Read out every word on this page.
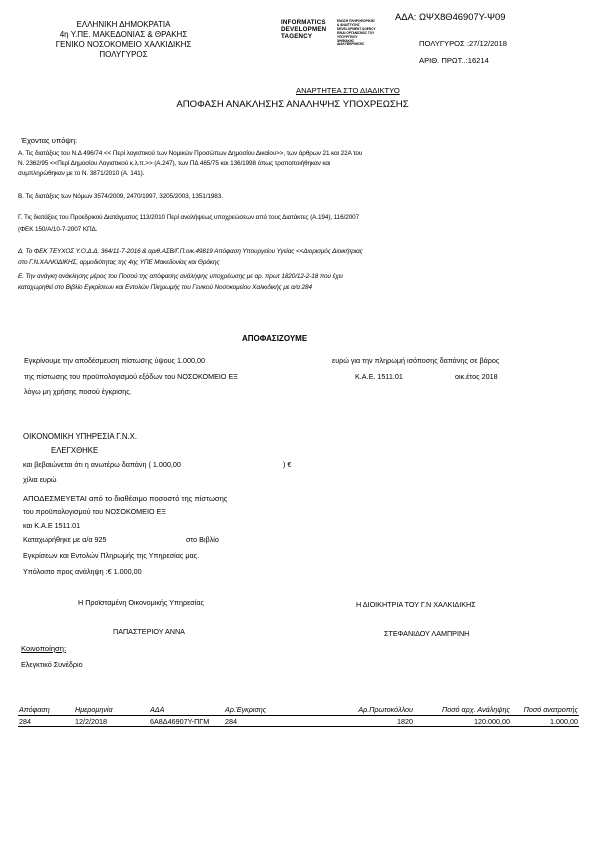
ΑΔΑ: ΩΨΧ8Θ46907Υ-Ψ09
ΕΛΛΗΝΙΚΗ ΔΗΜΟΚΡΑΤΙΑ
4η Υ.ΠΕ. ΜΑΚΕΔΟΝΙΑΣ & ΘΡΑΚΗΣ
ΓΕΝΙΚΟ ΝΟΣΟΚΟΜΕΙΟ ΧΑΛΚΙΔΙΚΗΣ
ΠΟΛΥΓΥΡΟΣ
INFORMATICS
DEVELOPMEN
TAGENCY
ΕΝΩΣΗ ΠΛΗΡΟΦΟΡΙΚΗΣ
& ΑΝΑΠΤΥΞΗΣ
DEVELOPMENT AGENCY
ΕΙΝΑΙ ΟΡΓΑΝΙΣΜΟΣ ΤΟΥ
ΥΠΟΥΡΓΕΙΟΥ
ΨΗΦΙΑΚΗΣ
ΔΙΑΚΥΒΕΡΝΗΣΗΣ	ΠΟΛΥΓΥΡΟΣ :27/12/2018
ΑΡΙΘ. ΠΡΩΤ..:16214
ΑΝΑΡΤΗΤΕΑ ΣΤΟ ΔΙΑΔΙΚΤΥΟ
ΑΠΟΦΑΣΗ ΑΝΑΚΛΗΣΗΣ ΑΝΑΛΗΨΗΣ ΥΠΟΧΡΕΩΣΗΣ
Έχοντας υπόψη:
Α. Τις διατάξεις του Ν.Δ 496/74 << Περί λογιστικού των Νομικών Προσώπων Δημοσίου Δικαίου>>, των άρθρων 21 και 22Α του
Ν. 2362/95 <<Περί Δημοσίου Λογιστικού κ.λ.π.>> (Α.247), των ΠΔ 465/75 και 136/1998 όπως τροποποιήθηκαν και
συμπληρώθηκαν με το Ν. 3871/2010 (Α. 141).
Β. Τις διατάξεις των Νόμων 3574/2009, 2470/1997, 3205/2003, 1351/1983.
Γ. Τις διατάξεις του Προεδρικού Διατάγματος 113/2010 Περί αναλήψεως υποχρεώσεων από τους Διατάκτες (Α.194), 116/2007
(ΦΕΚ 150/Α/10-7-2007 ΚΠΔ.
Δ. Το ΦΕΚ ΤΕΥΧΟΣ Υ.Ο.Δ.Δ. 364/11-7-2016 & αριθ.ΑΣΒ/Γ.Π.οικ.49819 Απόφαση Υπουργείου Υγείας <<Διορισμός Διοικήτριας
στο Γ.Ν.ΧΑΛΚΙΔΙΚΗΣ, αρμοδιότητας της 4ης ΥΠΕ Μακεδονίας και Θράκης
Ε. Την ανάγκη ανάκλησης μέρος του Ποσού της απόφασης ανάληψης υποχρέωσης με αρ. πρωτ 1820/12-2-18 που έχει
καταχωρηθεί στο Βιβλίο Εγκρίσεων και Εντολών Πληρωμής του Γενικού Νοσοκομείου Χαλκιδικής με α/α 284
ΑΠΟΦΑΣΙΖΟΥΜΕ
Εγκρίνουμε την αποδέσμευση πίστωσης ύψους 1.000,00	ευρώ για την πληρωμή ισόποσης δαπάνης σε βάρος
της πίστωσης του προϋπολογισμού εξόδων του ΝΟΣΟΚΟΜΕΙΟ ΕΞ	Κ.Α.Ε. 1511.01	οικ.έτος 2018
λόγω μη χρήσης ποσού έγκρισης.
ΟΙΚΟΝΟΜΙΚΗ ΥΠΗΡΕΣΙΑ Γ.Ν.Χ.
ΕΛΕΓΧΘΗΚΕ
και βεβαιώνεται ότι η ανωτέρω δαπάνη ( 1.000,00	) €
χίλια ευρώ
ΑΠΟΔΕΣΜΕΥΕΤΑΙ από το διαθέσιμο ποσοστό της πίστωσης
του προϋπολογισμού του ΝΟΣΟΚΟΜΕΙΟ ΕΞ
και Κ.Α.Ε 1511.01
Καταχωρήθηκε με α/α 925	στο Βιβλίο
Εγκρίσεων και Εντολών Πληρωμής της Υπηρεσίας μας.
Υπόλοιπο προς ανάληψη :€ 1.000,00
Η Προϊσταμένη Οικονομικής Υπηρεσίας
ΠΑΠΑΣΤΕΡΙΟΥ ΑΝΝΑ
Η ΔΙΟΙΚΗΤΡΙΑ ΤΟΥ Γ.Ν ΧΑΛΚΙΔΙΚΗΣ
ΣΤΕΦΑΝΙΔΟΥ ΛΑΜΠΡΙΝΗ
Κοινοποίηση:
Ελεγκτικό Συνέδριο
Απόφαση	Ημερομηνία	ΑΔΑ	Αρ.Έγκρισης	Αρ.Πρωτοκόλλου	Ποσό αρχ. Ανάληψης	Ποσό ανατροπής
284	12/2/2018	6Α8Δ46907Υ-ΠΓΜ	284	1820	120.000,00	1.000,00
